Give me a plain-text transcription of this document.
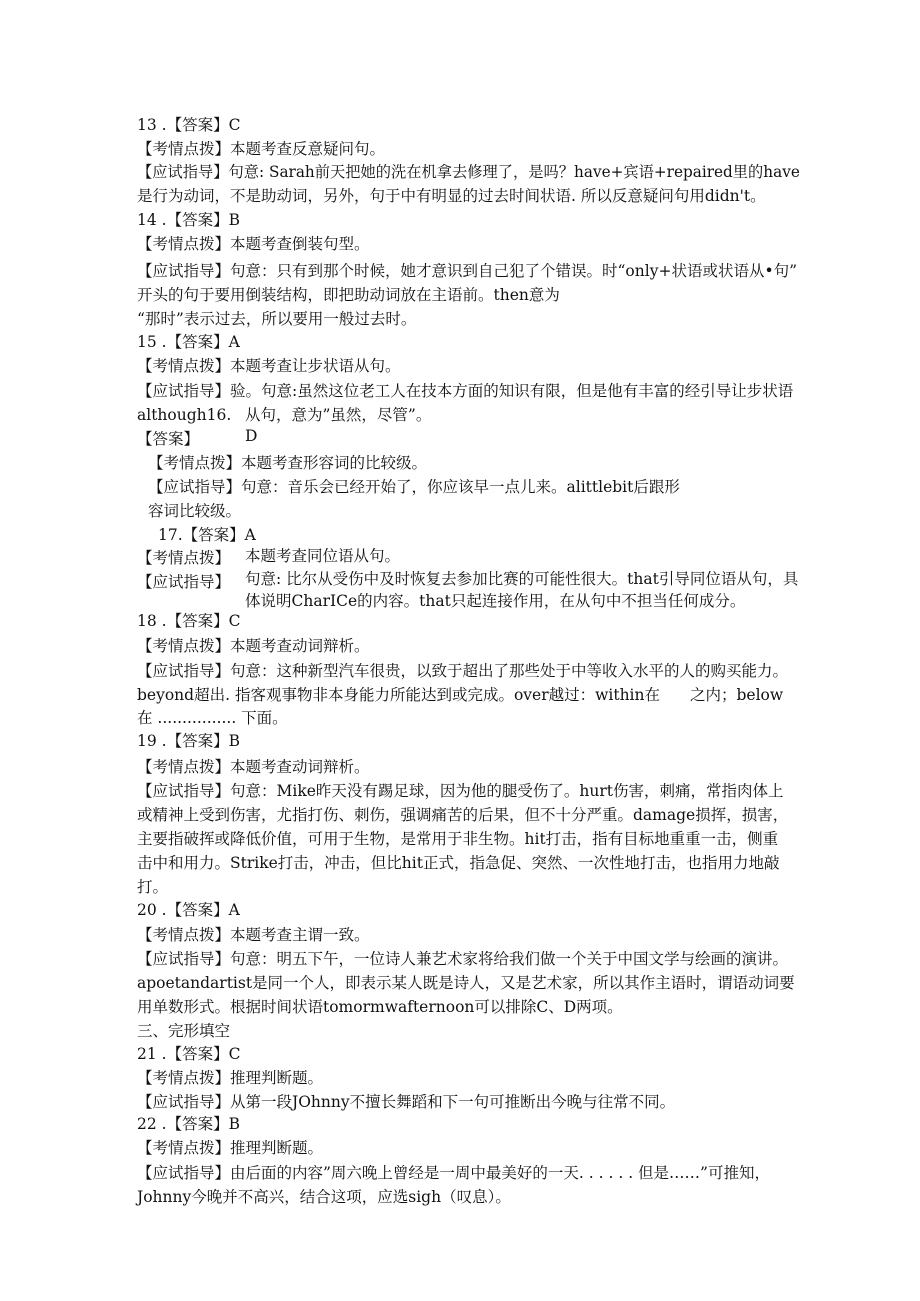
13 .【答案】C
【考情点拨】本题考查反意疑问句。
【应试指导】句意: Sarah前天把她的洗在机拿去修理了，是吗？have+宾语+repaired里的have
是行为动词，不是助动词，另外，句于中有明显的过去时间状语. 所以反意疑问句用didn't。
14 .【答案】B
【考情点拨】本题考查倒装句型。
【应试指导】句意：只有到那个时候，她才意识到自己犯了个错误。时“only+状语或状语从•句”
开头的句于要用倒装结构，即把助动词放在主语前。then意为
“那时”表示过去，所以要用一般过去时。
15 .【答案】A
【考情点拨】本题考查让步状语从句。
【应试指导】验。句意:虽然这位老工人在技本方面的知识有限，但是他有丰富的经引导让步状语
although16. 从句，意为”虽然，尽管”。
【答案】	D
【考情点拨】本题考查形容词的比较级。
【应试指导】句意：音乐会已经开始了，你应该早一点儿来。alittlebit后跟形
容词比较级。
17.【答案】A
【考情点拨】 本题考查同位语从句。
【应试指导】 句意: 比尔从受伤中及时恢复去参加比赛的可能性很大。that引导同位语从句，具
体说明CharICe的内容。that只起连接作用，在从句中不担当任何成分。
18 .【答案】C
【考情点拨】本题考查动词辩析。
【应试指导】句意：这种新型汽车很贵，以致于超出了那些处于中等收入水平的人的购买能力。
beyond超出. 指客观事物非本身能力所能达到或完成。over越过：within在 之内；below
在 ................ 下面。
19 .【答案】B
【考情点拨】本题考查动词辩析。
【应试指导】句意：Mike昨天没有踢足球，因为他的腿受伤了。hurt伤害，刺痛，常指肉体上
或精神上受到伤害，尤指打伤、刺伤，强调痛苦的后果，但不十分严重。damage损挥，损害，
主要指破挥或降低价值，可用于生物，是常用于非生物。hit打击，指有目标地重重一击，侧重
击中和用力。Strike打击，冲击，但比hit正式，指急促、突然、一次性地打击，也指用力地敲
打。
20 .【答案】A
【考情点拨】本题考查主谓一致。
【应试指导】句意：明五下午，一位诗人兼艺术家将给我们做一个关于中国文学与绘画的演讲。
apoetandartist是同一个人，即表示某人既是诗人，又是艺术家，所以其作主语时，谓语动词要
用单数形式。根据时间状语tomormwafternoon可以排除C、D两项。
三、完形填空
21 .【答案】C
【考情点拨】推理判断题。
【应试指导】从第一段JOhnny不擅长舞蹈和下一句可推断出今晚与往常不同。
22 .【答案】B
【考情点拨】推理判断题。
【应试指导】由后面的内容”周六晚上曾经是一周中最美好的一天. . . . . . 但是……”可推知，
Johnny今晚并不高兴，结合这项，应选sigh（叹息）。
